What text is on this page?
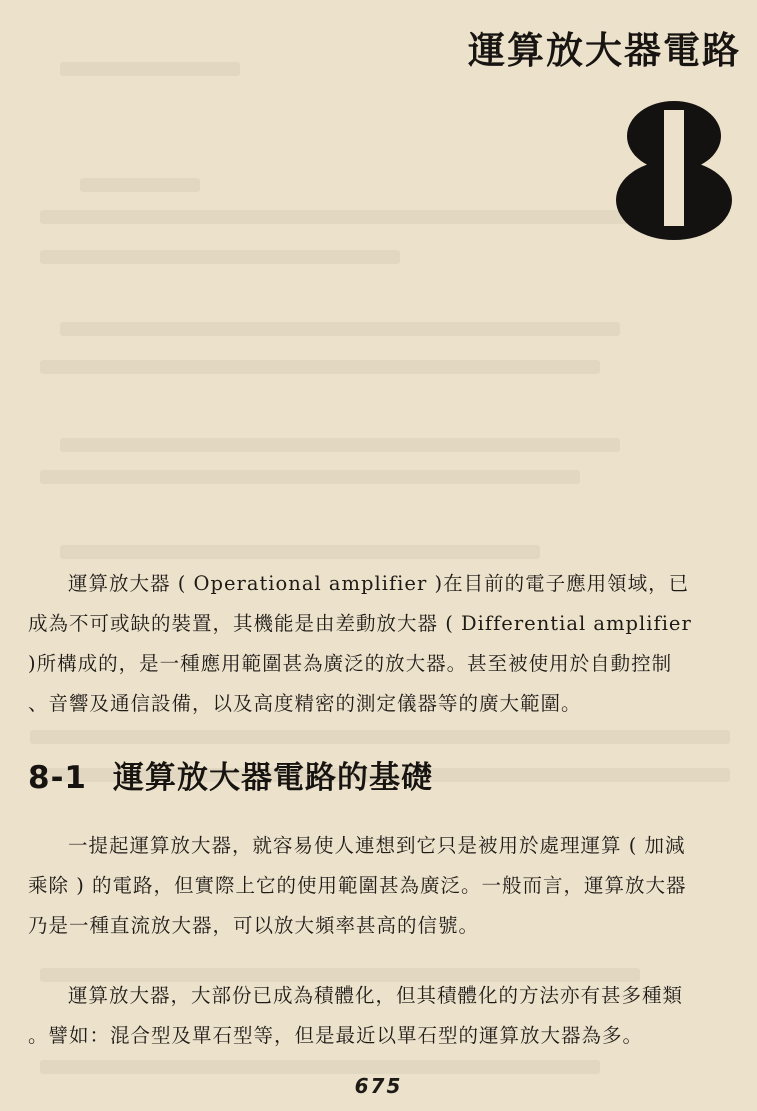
運算放大器電路
8
運算放大器 ( Operational amplifier )在目前的電子應用領域，已
成為不可或缺的裝置，其機能是由差動放大器 ( Differential amplifier
)所構成的，是一種應用範圍甚為廣泛的放大器。甚至被使用於自動控制
、音響及通信設備，以及高度精密的測定儀器等的廣大範圍。
8-1 運算放大器電路的基礎
一提起運算放大器，就容易使人連想到它只是被用於處理運算 ( 加減
乘除 ) 的電路，但實際上它的使用範圍甚為廣泛。一般而言，運算放大器
乃是一種直流放大器，可以放大頻率甚高的信號。
運算放大器，大部份已成為積體化，但其積體化的方法亦有甚多種類
。譬如：混合型及單石型等，但是最近以單石型的運算放大器為多。
675
